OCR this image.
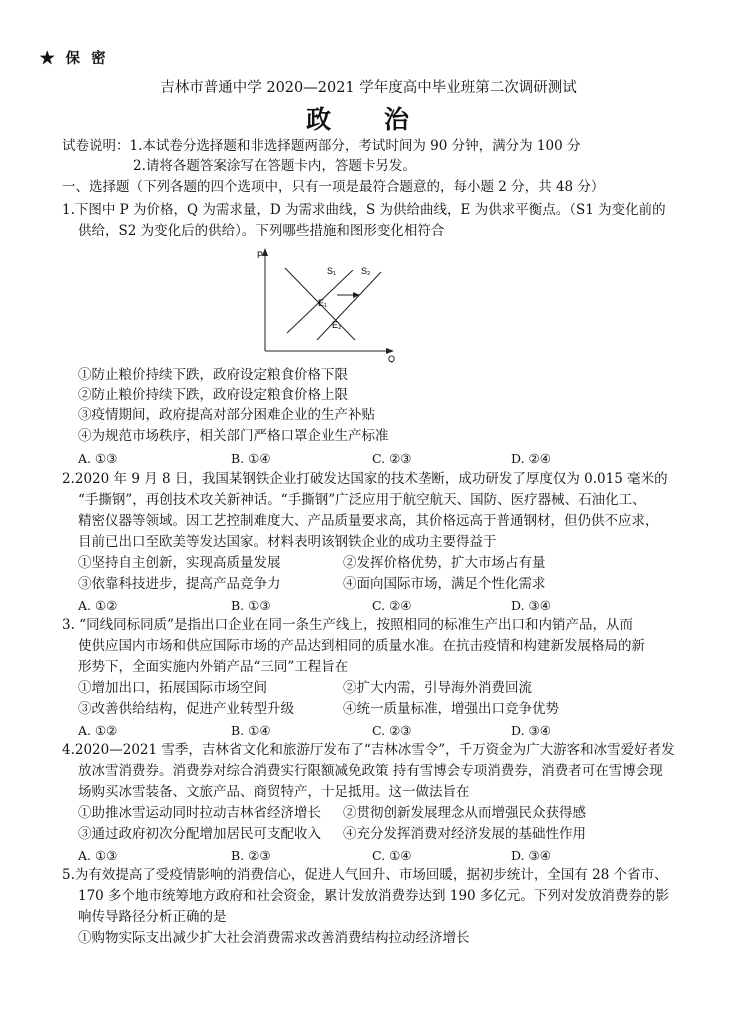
★ 保 密
吉林市普通中学 2020—2021 学年度高中毕业班第二次调研测试
政 治
试卷说明：1.本试卷分选择题和非选择题两部分，考试时间为 90 分钟，满分为 100 分
2.请将各题答案涂写在答题卡内，答题卡另发。
一、选择题（下列各题的四个选项中，只有一项是最符合题意的，每小题 2 分，共 48 分）
1.下图中 P 为价格，Q 为需求量，D 为需求曲线，S 为供给曲线，E 为供求平衡点。（S1 为变化前的
供给，S2 为变化后的供给）。下列哪些措施和图形变化相符合
P
Q
S₁	S₂
E₁
E₂
①防止粮价持续下跌，政府设定粮食价格下限
②防止粮价持续下跌，政府设定粮食价格上限
③疫情期间，政府提高对部分困难企业的生产补贴
④为规范市场秩序，相关部门严格口罩企业生产标准
A. ①③	B. ①④	C. ②③	D. ②④
2.2020 年 9 月 8 日，我国某钢铁企业打破发达国家的技术垄断，成功研发了厚度仅为 0.015 毫米的
“手撕钢”，再创技术攻关新神话。“手撕钢”广泛应用于航空航天、国防、医疗器械、石油化工、
精密仪器等领域。因工艺控制难度大、产品质量要求高，其价格远高于普通钢材，但仍供不应求，
目前已出口至欧美等发达国家。材料表明该钢铁企业的成功主要得益于
①坚持自主创新，实现高质量发展	②发挥价格优势，扩大市场占有量
③依靠科技进步，提高产品竞争力	④面向国际市场，满足个性化需求
A. ①②	B. ①③	C. ②④	D. ③④
3. “同线同标同质”是指出口企业在同一条生产线上，按照相同的标准生产出口和内销产品，从而
使供应国内市场和供应国际市场的产品达到相同的质量水准。在抗击疫情和构建新发展格局的新
形势下，全面实施内外销产品“三同”工程旨在
①增加出口，拓展国际市场空间	②扩大内需，引导海外消费回流
③改善供给结构，促进产业转型升级	④统一质量标准，增强出口竞争优势
A. ①②	B. ①④	C. ②③	D. ③④
4.2020—2021 雪季，吉林省文化和旅游厅发布了“吉林冰雪令”，千万资金为广大游客和冰雪爱好者发
放冰雪消费券。消费券对综合消费实行限额减免政策 持有雪博会专项消费券，消费者可在雪博会现
场购买冰雪装备、文旅产品、商贸特产，十足抵用。这一做法旨在
①助推冰雪运动同时拉动吉林省经济增长 ②贯彻创新发展理念从而增强民众获得感
③通过政府初次分配增加居民可支配收入 ④充分发挥消费对经济发展的基础性作用
A. ①③	B. ②③	C. ①④	D. ③④
5.为有效提高了受疫情影响的消费信心，促进人气回升、市场回暖，据初步统计，全国有 28 个省市、
170 多个地市统筹地方政府和社会资金，累计发放消费券达到 190 多亿元。下列对发放消费券的影
响传导路径分析正确的是
①购物实际支出减少扩大社会消费需求改善消费结构拉动经济增长
